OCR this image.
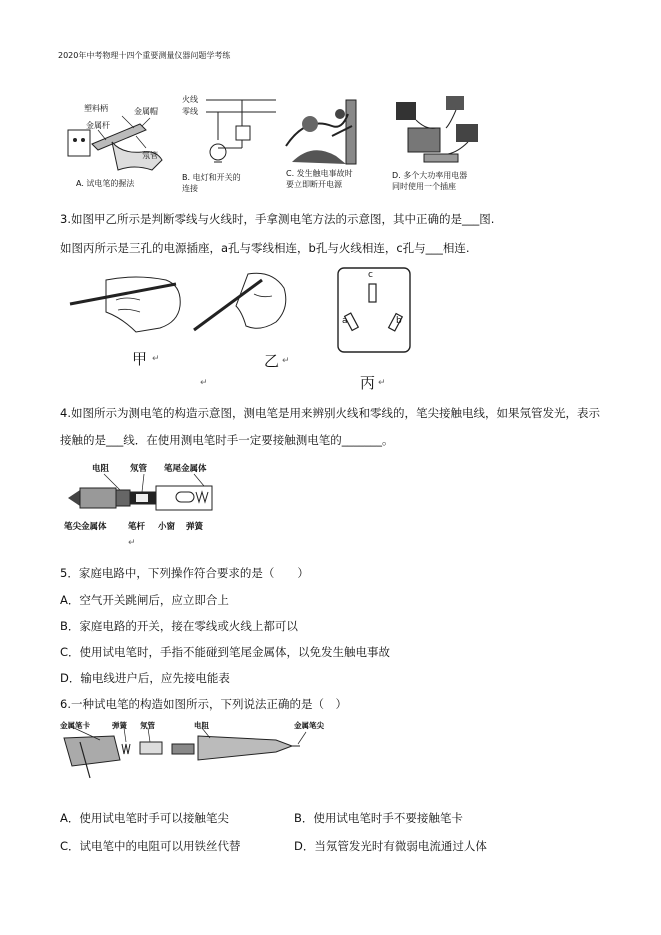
2020年中考物理十四个重要测量仪器问题学考练
塑料柄	金属帽
金属杆
氖管
A. 试电笔的握法
火线
零线
B. 电灯和开关的
连接
C. 发生触电事故时
要立即断开电源
D. 多个大功率用电器
同时使用一个插座
3.如图甲乙所示是判断零线与火线时，手拿测电笔方法的示意图，其中正确的是___图.
如图丙所示是三孔的电源插座，a孔与零线相连，b孔与火线相连，c孔与___相连.
甲 ↵
↵
乙 ↵
c
a	b
丙 ↵
4.如图所示为测电笔的构造示意图，测电笔是用来辨别火线和零线的，笔尖接触电线，如果氖管发光，表示
接触的是___线．在使用测电笔时手一定要接触测电笔的_______。
电阻 氖管 笔尾金属体
笔尖金属体	笔杆 小窗 弹簧
↵
5．家庭电路中，下列操作符合要求的是（　　）
A．空气开关跳闸后，应立即合上
B．家庭电路的开关，接在零线或火线上都可以
C．使用试电笔时，手指不能碰到笔尾金属体，以免发生触电事故
D．输电线进户后，应先接电能表
6.一种试电笔的构造如图所示，下列说法正确的是（　）
金属笔卡	弹簧 氖管	电阻	金属笔尖
A．使用试电笔时手可以接触笔尖	B．使用试电笔时手不要接触笔卡
C．试电笔中的电阻可以用铁丝代替	D．当氖管发光时有微弱电流通过人体
